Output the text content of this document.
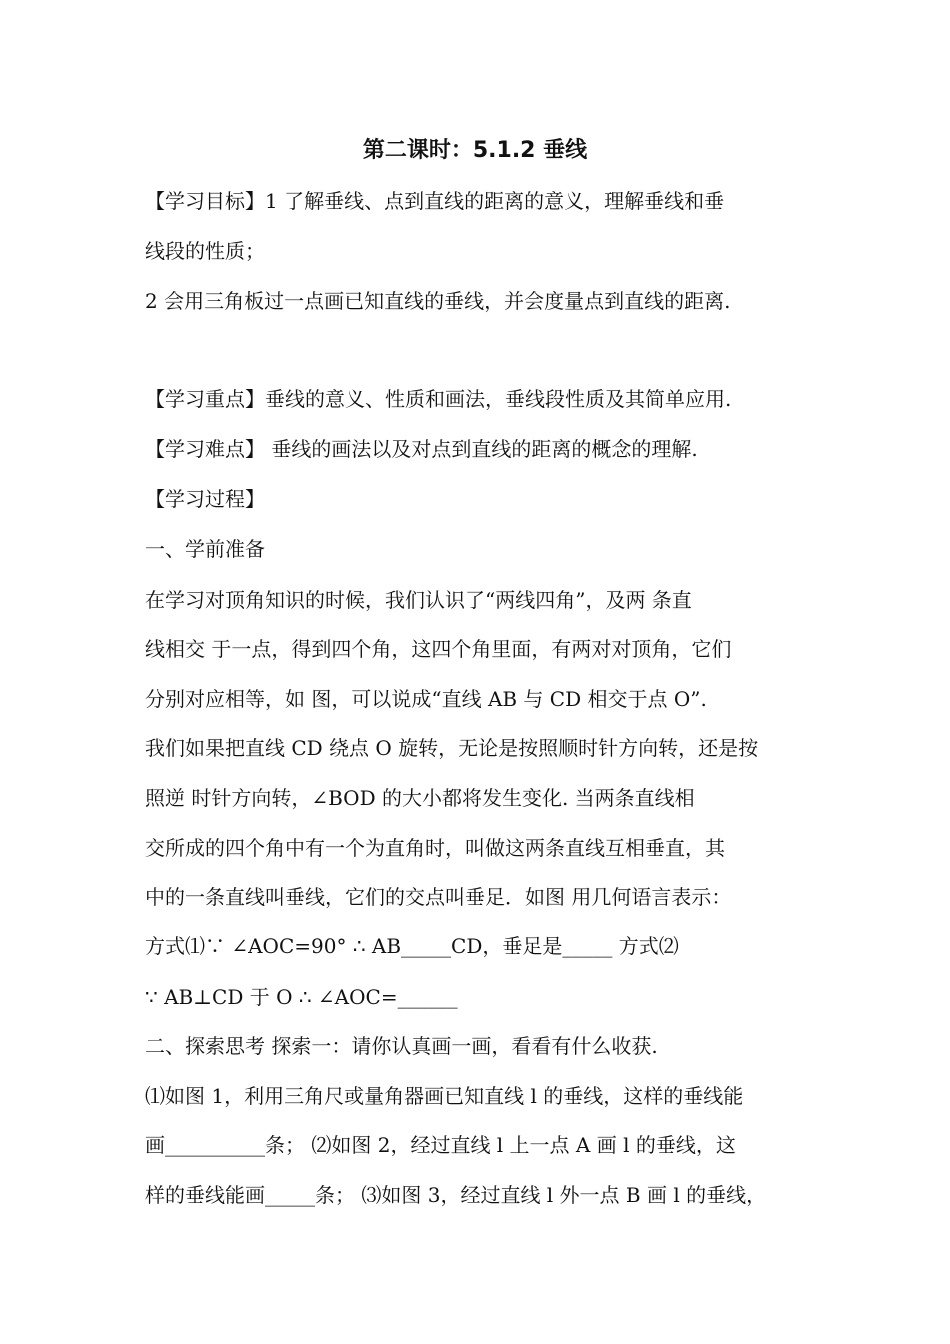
第二课时：5.1.2 垂线
【学习目标】1 了解垂线、点到直线的距离的意义，理解垂线和垂
线段的性质；
2 会用三角板过一点画已知直线的垂线，并会度量点到直线的距离.
【学习重点】垂线的意义、性质和画法，垂线段性质及其简单应用.
【学习难点】 垂线的画法以及对点到直线的距离的概念的理解.
【学习过程】
一、学前准备
在学习对顶角知识的时候，我们认识了“两线四角”，及两 条直
线相交 于一点，得到四个角，这四个角里面，有两对对顶角，它们
分别对应相等，如 图，可以说成“直线 AB 与 CD 相交于点 O”.
我们如果把直线 CD 绕点 O 旋转，无论是按照顺时针方向转，还是按
照逆 时针方向转，∠BOD 的大小都将发生变化. 当两条直线相
交所成的四个角中有一个为直角时，叫做这两条直线互相垂直，其
中的一条直线叫垂线，它们的交点叫垂足．如图 用几何语言表示：
方式⑴∵ ∠AOC=90° ∴ AB_____CD，垂足是_____ 方式⑵
∵ AB⊥CD 于 O ∴ ∠AOC=______
二、探索思考 探索一：请你认真画一画，看看有什么收获.
⑴如图 1，利用三角尺或量角器画已知直线 l 的垂线，这样的垂线能
画__________条； ⑵如图 2，经过直线 l 上一点 A 画 l 的垂线，这
样的垂线能画_____条； ⑶如图 3，经过直线 l 外一点 B 画 l 的垂线，
